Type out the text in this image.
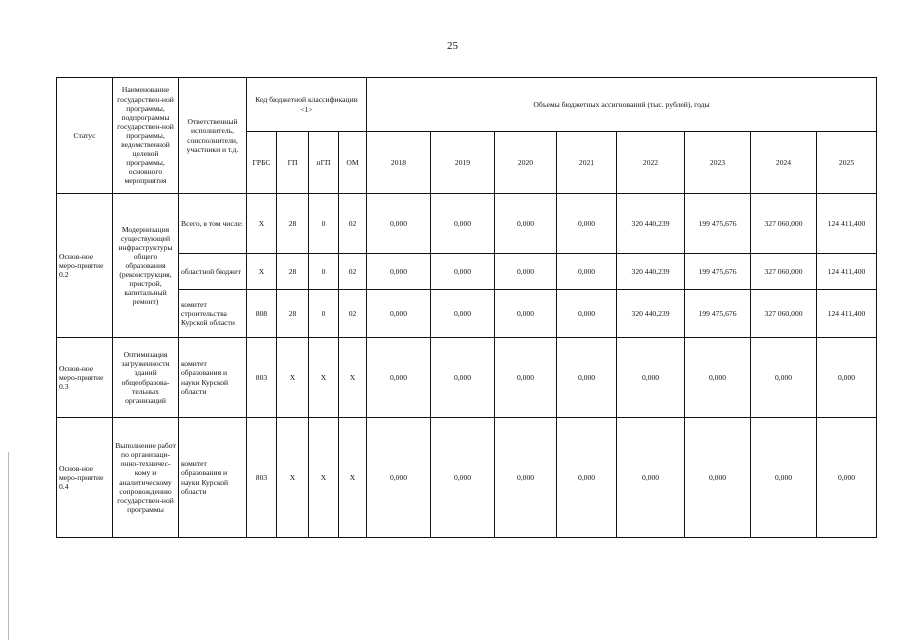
25
Статус	Наименование государствен-ной программы, подпрограммы государствен-ной программы, ведомственной целевой программы, основного мероприятия	Ответственный исполнитель, соисполнители, участники и т.д.	Код бюджетной классификации <1>				Объемы бюджетных ассигнований (тыс. рублей), годы							
			ГРБС	ГП	пГП	ОМ	2018	2019	2020	2021	2022	2023	2024	2025
Основ-ное меро-приятие 0.2	Модернизация существующей инфраструктуры общего образования (реконструкция, пристрой, капитальный ремонт)	Всего, в том числе:	Х	28	0	02	0,000	0,000	0,000	0,000	320 440,239	199 475,676	327 060,000	124 411,400
		областной бюджет	Х	28	0	02	0,000	0,000	0,000	0,000	320 440,239	199 475,676	327 060,000	124 411,400
		комитет строительства Курской области	808	28	0	02	0,000	0,000	0,000	0,000	320 440,239	199 475,676	327 060,000	124 411,400
Основ-ное меро-приятие 0.3	Оптимизация загруженности зданий общеобразова-тельных организаций	комитет образования и науки Курской области	803	Х	Х	Х	0,000	0,000	0,000	0,000	0,000	0,000	0,000	0,000
Основ-ное меро-приятие 0.4	Выполнение работ по организаци-онно-техничес-кому и аналитическому сопровождению государствен-ной программы	комитет образования и науки Курской области	803	Х	Х	Х	0,000	0,000	0,000	0,000	0,000	0,000	0,000	0,000
